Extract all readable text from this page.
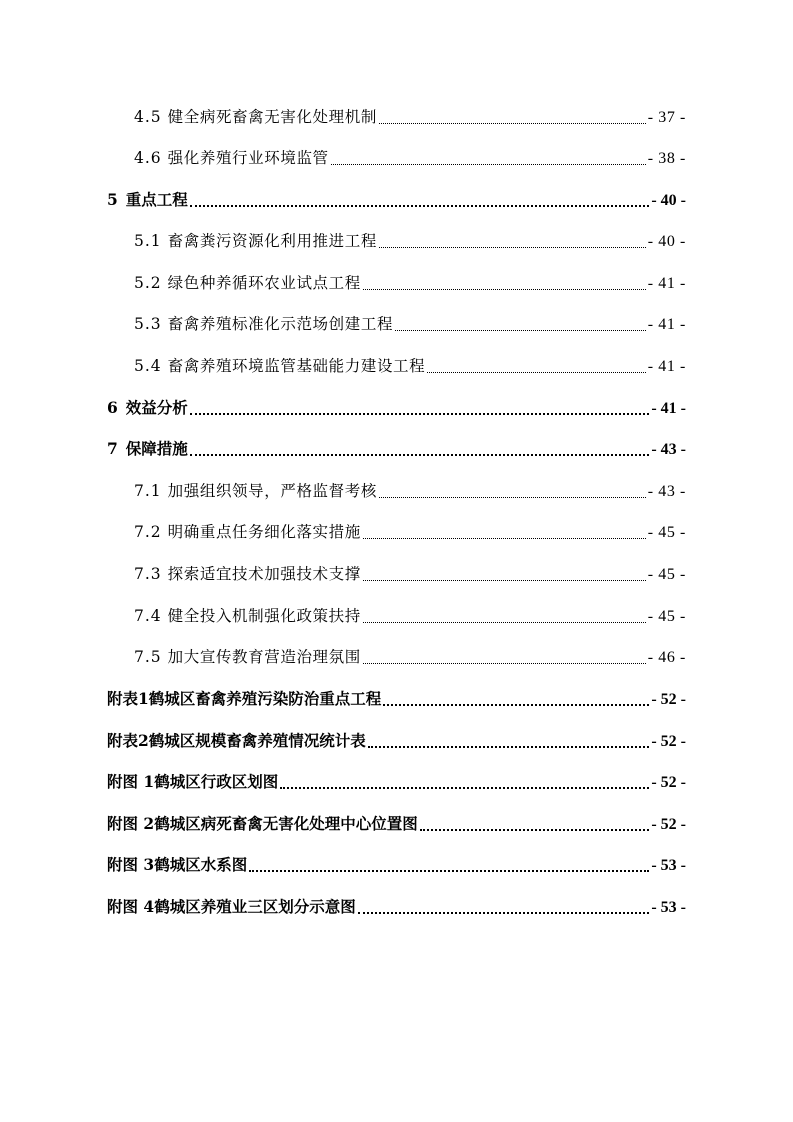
4.5 健全病死畜禽无害化处理机制	- 37 -
4.6 强化养殖行业环境监管	- 38 -
5 重点工程	- 40 -
5.1 畜禽粪污资源化利用推进工程	- 40 -
5.2 绿色种养循环农业试点工程	- 41 -
5.3 畜禽养殖标准化示范场创建工程	- 41 -
5.4 畜禽养殖环境监管基础能力建设工程	- 41 -
6 效益分析	- 41 -
7 保障措施	- 43 -
7.1 加强组织领导，严格监督考核	- 43 -
7.2 明确重点任务细化落实措施	- 45 -
7.3 探索适宜技术加强技术支撑	- 45 -
7.4 健全投入机制强化政策扶持	- 45 -
7.5 加大宣传教育营造治理氛围	- 46 -
附表1 鹤城区畜禽养殖污染防治重点工程	- 52 -
附表2 鹤城区规模畜禽养殖情况统计表	- 52 -
附图 1 鹤城区行政区划图	- 52 -
附图 2 鹤城区病死畜禽无害化处理中心位置图	- 52 -
附图 3 鹤城区水系图	- 53 -
附图 4 鹤城区养殖业三区划分示意图	- 53 -
